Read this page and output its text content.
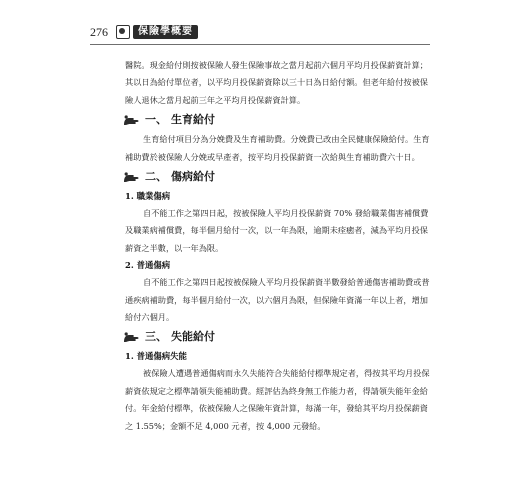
276	保險學概要

醫院。現金給付則按被保險人發生保險事故之當月起前六個月平均月投保薪資計算；其以日為給付單位者，以平均月投保薪資除以三十日為日給付額。但老年給付按被保險人退休之當月起前三年之平均月投保薪資計算。

一、 生育給付

生育給付項目分為分娩費及生育補助費。分娩費已改由全民健康保險給付。生育補助費於被保險人分娩或早產者，按平均月投保薪資一次給與生育補助費六十日。

二、 傷病給付
1. 職業傷病

自不能工作之第四日起，按被保險人平均月投保薪資 70% 發給職業傷害補償費及職業病補償費，每半個月給付一次，以一年為限，逾期未痊癒者，減為平均月投保薪資之半數，以一年為限。

2. 普通傷病

自不能工作之第四日起按被保險人平均月投保薪資半數發給普通傷害補助費或普通疾病補助費，每半個月給付一次，以六個月為限，但保險年資滿一年以上者，增加給付六個月。

三、 失能給付
1. 普通傷病失能

被保險人遭遇普通傷病而永久失能符合失能給付標準規定者，得按其平均月投保薪資依規定之標準請領失能補助費。經評估為終身無工作能力者，得請領失能年金給付。年金給付標準，依被保險人之保險年資計算，每滿一年，發給其平均月投保薪資之 1.55%；金額不足 4,000 元者，按 4,000 元發給。
